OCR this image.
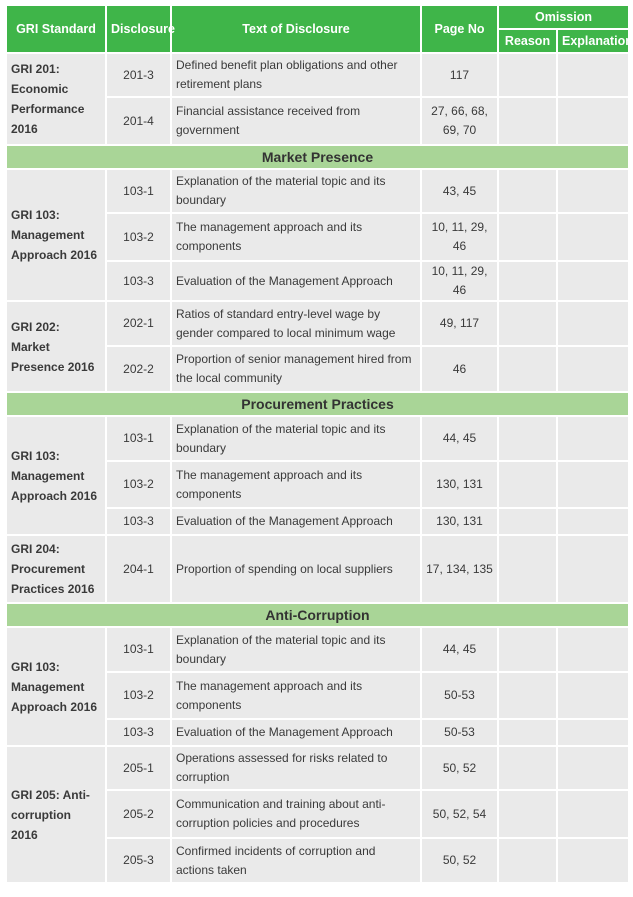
GRI Standard	Disclosure	Text of Disclosure	Page No	Omission	
				Reason	Explanation
GRI 201: Economic Performance 2016	201-3	Defined benefit plan obligations and other retirement plans	117		
	201-4	Financial assistance received from government	27, 66, 68, 69, 70		
Market Presence					
GRI 103: Management Approach 2016	103-1	Explanation of the material topic and its boundary	43, 45		
	103-2	The management approach and its components	10, 11, 29, 46		
	103-3	Evaluation of the Management Approach	10, 11, 29, 46		
GRI 202: Market Presence 2016	202-1	Ratios of standard entry-level wage by gender compared to local minimum wage	49, 117		
	202-2	Proportion of senior management hired from the local community	46		
Procurement Practices					
GRI 103: Management Approach 2016	103-1	Explanation of the material topic and its boundary	44, 45		
	103-2	The management approach and its components	130, 131		
	103-3	Evaluation of the Management Approach	130, 131		
GRI 204: Procurement Practices 2016	204-1	Proportion of spending on local suppliers	17, 134, 135		
Anti-Corruption					
GRI 103: Management Approach 2016	103-1	Explanation of the material topic and its boundary	44, 45		
	103-2	The management approach and its components	50-53		
	103-3	Evaluation of the Management Approach	50-53		
GRI 205: Anti-corruption 2016	205-1	Operations assessed for risks related to corruption	50, 52		
	205-2	Communication and training about anti-corruption policies and procedures	50, 52, 54		
	205-3	Confirmed incidents of corruption and actions taken	50, 52		
